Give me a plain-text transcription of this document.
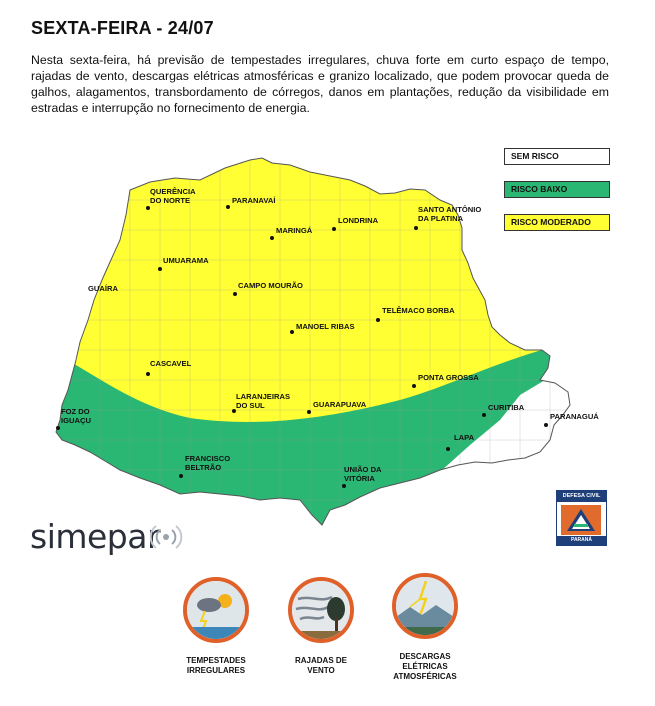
SEXTA-FEIRA - 24/07
Nesta sexta-feira, há previsão de tempestades irregulares, chuva forte em curto espaço de tempo, rajadas de vento, descargas elétricas atmosféricas e granizo localizado, que podem provocar queda de galhos, alagamentos, transbordamento de córregos, danos em plantações, redução da visibilidade em estradas e interrupção no fornecimento de energia.
SEM RISCO
RISCO BAIXO
RISCO MODERADO
QUERÊNCIA
DO NORTE	PARANAVAÍ
MARINGÁ
LONDRINA
SANTO ANTÔNIO
DA PLATINA
UMUARAMA
GUAÍRA	CAMPO MOURÃO
TELÊMACO BORBA
MANOEL RIBAS
CASCAVEL
PONTA GROSSA
LARANJEIRAS
DO SUL	GUARAPUAVA	CURITIBA
PARANAGUÁ
FOZ DO
IGUAÇU
LAPA
FRANCISCO
BELTRÃO	UNIÃO DA
VITÓRIA
simepar
DEFESA CIVIL
PARANÁ
TEMPESTADES
IRREGULARES
RAJADAS DE
VENTO
DESCARGAS
ELÉTRICAS
ATMOSFÉRICAS
